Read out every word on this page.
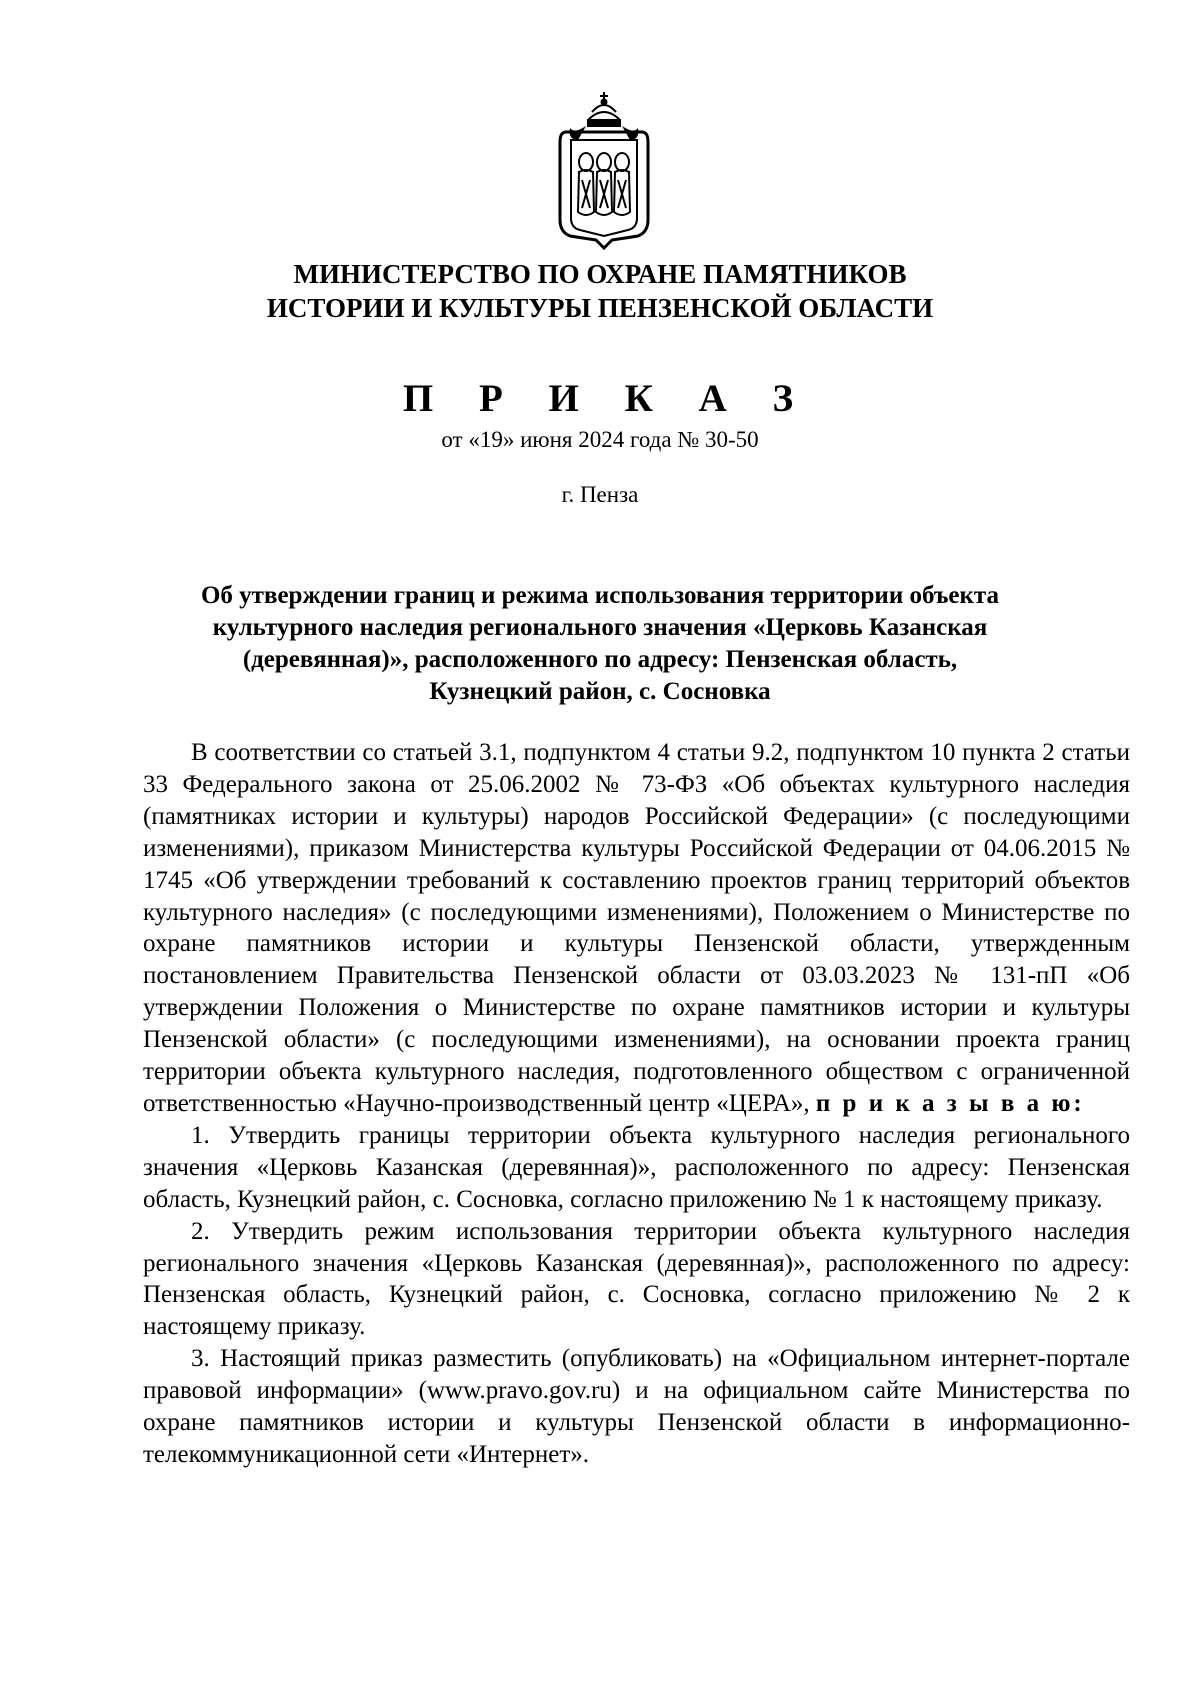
МИНИСТЕРСТВО ПО ОХРАНЕ ПАМЯТНИКОВ
ИСТОРИИ И КУЛЬТУРЫ ПЕНЗЕНСКОЙ ОБЛАСТИ
П Р И К А З
от «19» июня 2024 года № 30-50
г. Пенза
Об утверждении границ и режима использования территории объекта
культурного наследия регионального значения «Церковь Казанская
(деревянная)», расположенного по адресу: Пензенская область,
Кузнецкий район, с. Сосновка

В соответствии со статьей 3.1, подпунктом 4 статьи 9.2, подпунктом 10 пункта 2 статьи 33 Федерального закона от 25.06.2002 № 73-ФЗ «Об объектах культурного наследия (памятниках истории и культуры) народов Российской Федерации» (с последующими изменениями), приказом Министерства культуры Российской Федерации от 04.06.2015 № 1745 «Об утверждении требований к составлению проектов границ территорий объектов культурного наследия» (с последующими изменениями), Положением о Министерстве по охране памятников истории и культуры Пензенской области, утвержденным постановлением Правительства Пензенской области от 03.03.2023 № 131-пП «Об утверждении Положения о Министерстве по охране памятников истории и культуры Пензенской области» (с последующими изменениями), на основании проекта границ территории объекта культурного наследия, подготовленного обществом с ограниченной ответственностью «Научно-производственный центр «ЦЕРА», п р и к а з ы в а ю:

1. Утвердить границы территории объекта культурного наследия регионального значения «Церковь Казанская (деревянная)», расположенного по адресу: Пензенская область, Кузнецкий район, с. Сосновка, согласно приложению № 1 к настоящему приказу.

2. Утвердить режим использования территории объекта культурного наследия регионального значения «Церковь Казанская (деревянная)», расположенного по адресу: Пензенская область, Кузнецкий район, с. Сосновка, согласно приложению № 2 к настоящему приказу.

3. Настоящий приказ разместить (опубликовать) на «Официальном интернет-портале правовой информации» (www.pravo.gov.ru) и на официальном сайте Министерства по охране памятников истории и культуры Пензенской области в информационно-телекоммуникационной сети «Интернет».
